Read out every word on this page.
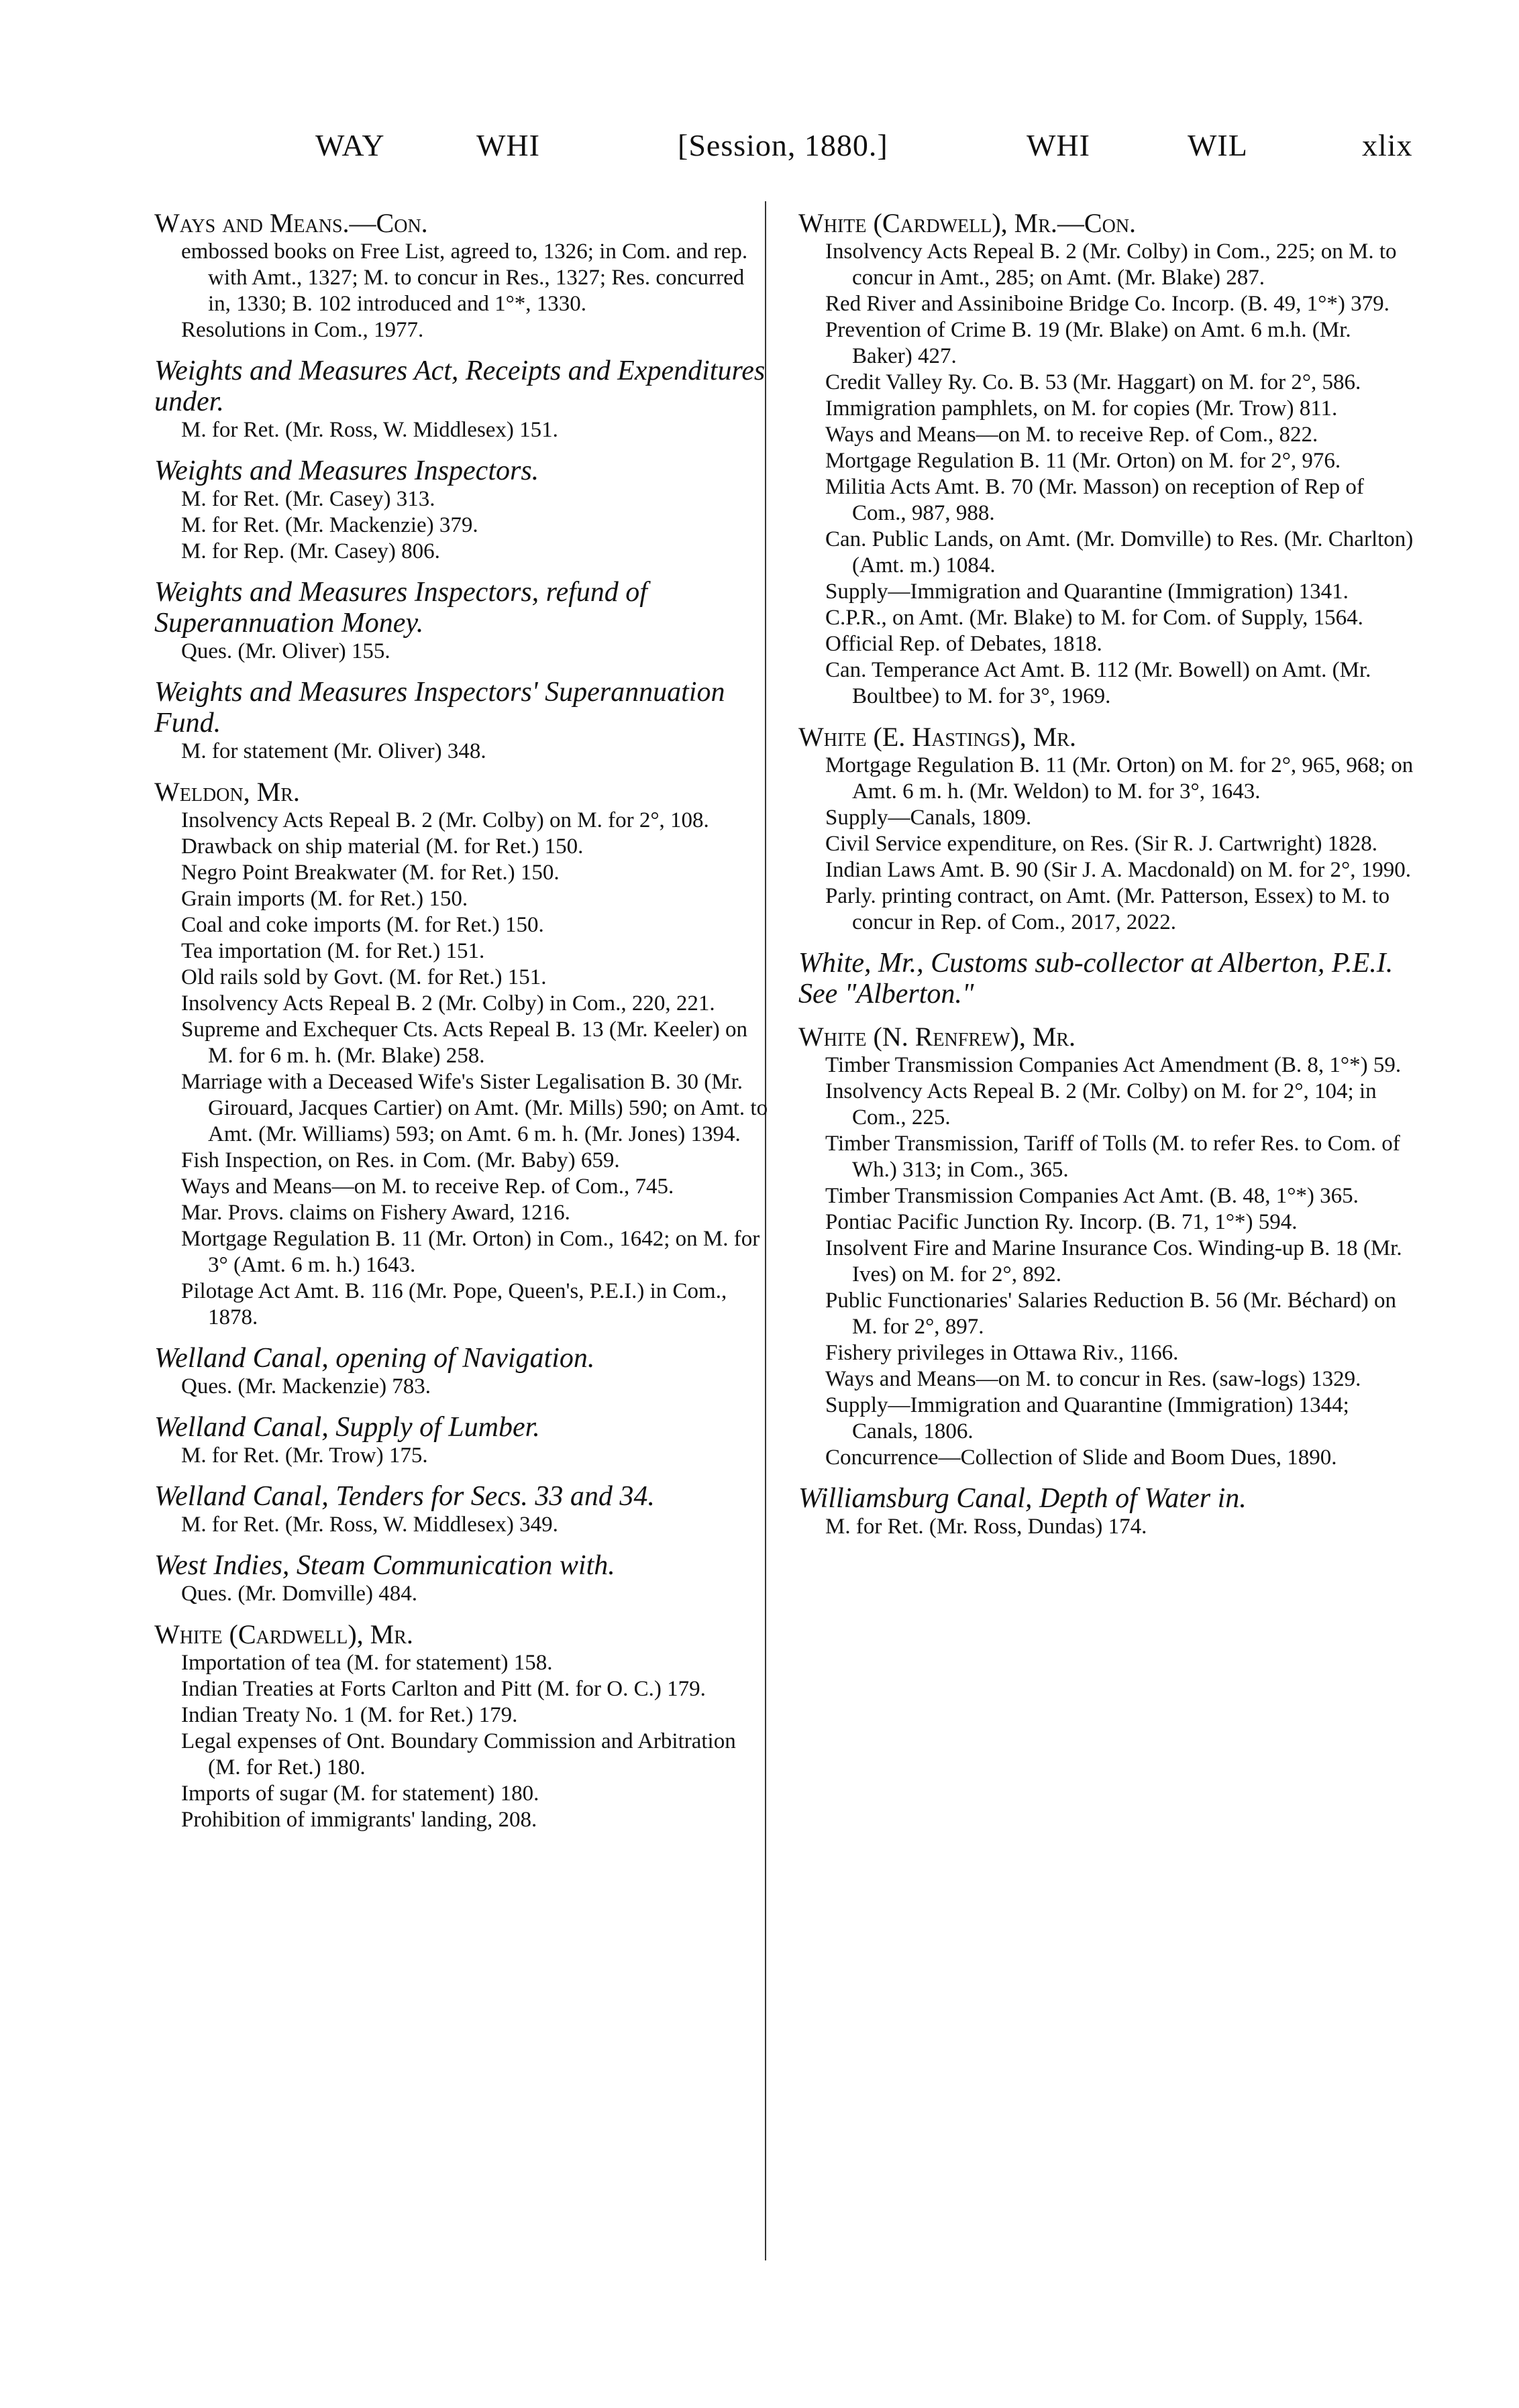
WAY	WHI	[Session, 1880.]	WHI	WIL	xlix
Ways and Means.—Con.
embossed books on Free List, agreed to, 1326; in Com. and rep. with Amt., 1327; M. to concur in Res., 1327; Res. concurred in, 1330; B. 102 introduced and 1°*, 1330.
Resolutions in Com., 1977.
Weights and Measures Act, Receipts and Expenditures under.
M. for Ret. (Mr. Ross, W. Middlesex) 151.
Weights and Measures Inspectors.
M. for Ret. (Mr. Casey) 313.
M. for Ret. (Mr. Mackenzie) 379.
M. for Rep. (Mr. Casey) 806.
Weights and Measures Inspectors, refund of Superannuation Money.
Ques. (Mr. Oliver) 155.
Weights and Measures Inspectors' Superannuation Fund.
M. for statement (Mr. Oliver) 348.
Weldon, Mr.
Insolvency Acts Repeal B. 2 (Mr. Colby) on M. for 2°, 108.
Drawback on ship material (M. for Ret.) 150.
Negro Point Breakwater (M. for Ret.) 150.
Grain imports (M. for Ret.) 150.
Coal and coke imports (M. for Ret.) 150.
Tea importation (M. for Ret.) 151.
Old rails sold by Govt. (M. for Ret.) 151.
Insolvency Acts Repeal B. 2 (Mr. Colby) in Com., 220, 221.
Supreme and Exchequer Cts. Acts Repeal B. 13 (Mr. Keeler) on M. for 6 m. h. (Mr. Blake) 258.
Marriage with a Deceased Wife's Sister Legalisation B. 30 (Mr. Girouard, Jacques Cartier) on Amt. (Mr. Mills) 590; on Amt. to Amt. (Mr. Williams) 593; on Amt. 6 m. h. (Mr. Jones) 1394.
Fish Inspection, on Res. in Com. (Mr. Baby) 659.
Ways and Means—on M. to receive Rep. of Com., 745.
Mar. Provs. claims on Fishery Award, 1216.
Mortgage Regulation B. 11 (Mr. Orton) in Com., 1642; on M. for 3° (Amt. 6 m. h.) 1643.
Pilotage Act Amt. B. 116 (Mr. Pope, Queen's, P.E.I.) in Com., 1878.
Welland Canal, opening of Navigation.
Ques. (Mr. Mackenzie) 783.
Welland Canal, Supply of Lumber.
M. for Ret. (Mr. Trow) 175.
Welland Canal, Tenders for Secs. 33 and 34.
M. for Ret. (Mr. Ross, W. Middlesex) 349.
West Indies, Steam Communication with.
Ques. (Mr. Domville) 484.
White (Cardwell), Mr.
Importation of tea (M. for statement) 158.
Indian Treaties at Forts Carlton and Pitt (M. for O. C.) 179.
Indian Treaty No. 1 (M. for Ret.) 179.
Legal expenses of Ont. Boundary Commission and Arbitration (M. for Ret.) 180.
Imports of sugar (M. for statement) 180.
Prohibition of immigrants' landing, 208.
White (Cardwell), Mr.—Con.
Insolvency Acts Repeal B. 2 (Mr. Colby) in Com., 225; on M. to concur in Amt., 285; on Amt. (Mr. Blake) 287.
Red River and Assiniboine Bridge Co. Incorp. (B. 49, 1°*) 379.
Prevention of Crime B. 19 (Mr. Blake) on Amt. 6 m.h. (Mr. Baker) 427.
Credit Valley Ry. Co. B. 53 (Mr. Haggart) on M. for 2°, 586.
Immigration pamphlets, on M. for copies (Mr. Trow) 811.
Ways and Means—on M. to receive Rep. of Com., 822.
Mortgage Regulation B. 11 (Mr. Orton) on M. for 2°, 976.
Militia Acts Amt. B. 70 (Mr. Masson) on reception of Rep of Com., 987, 988.
Can. Public Lands, on Amt. (Mr. Domville) to Res. (Mr. Charlton) (Amt. m.) 1084.
Supply—Immigration and Quarantine (Immigration) 1341.
C.P.R., on Amt. (Mr. Blake) to M. for Com. of Supply, 1564.
Official Rep. of Debates, 1818.
Can. Temperance Act Amt. B. 112 (Mr. Bowell) on Amt. (Mr. Boultbee) to M. for 3°, 1969.
White (E. Hastings), Mr.
Mortgage Regulation B. 11 (Mr. Orton) on M. for 2°, 965, 968; on Amt. 6 m. h. (Mr. Weldon) to M. for 3°, 1643.
Supply—Canals, 1809.
Civil Service expenditure, on Res. (Sir R. J. Cartwright) 1828.
Indian Laws Amt. B. 90 (Sir J. A. Macdonald) on M. for 2°, 1990.
Parly. printing contract, on Amt. (Mr. Patterson, Essex) to M. to concur in Rep. of Com., 2017, 2022.
White, Mr., Customs sub-collector at Alberton, P.E.I. See "Alberton."
White (N. Renfrew), Mr.
Timber Transmission Companies Act Amendment (B. 8, 1°*) 59.
Insolvency Acts Repeal B. 2 (Mr. Colby) on M. for 2°, 104; in Com., 225.
Timber Transmission, Tariff of Tolls (M. to refer Res. to Com. of Wh.) 313; in Com., 365.
Timber Transmission Companies Act Amt. (B. 48, 1°*) 365.
Pontiac Pacific Junction Ry. Incorp. (B. 71, 1°*) 594.
Insolvent Fire and Marine Insurance Cos. Winding-up B. 18 (Mr. Ives) on M. for 2°, 892.
Public Functionaries' Salaries Reduction B. 56 (Mr. Béchard) on M. for 2°, 897.
Fishery privileges in Ottawa Riv., 1166.
Ways and Means—on M. to concur in Res. (saw-logs) 1329.
Supply—Immigration and Quarantine (Immigration) 1344; Canals, 1806.
Concurrence—Collection of Slide and Boom Dues, 1890.
Williamsburg Canal, Depth of Water in.
M. for Ret. (Mr. Ross, Dundas) 174.
